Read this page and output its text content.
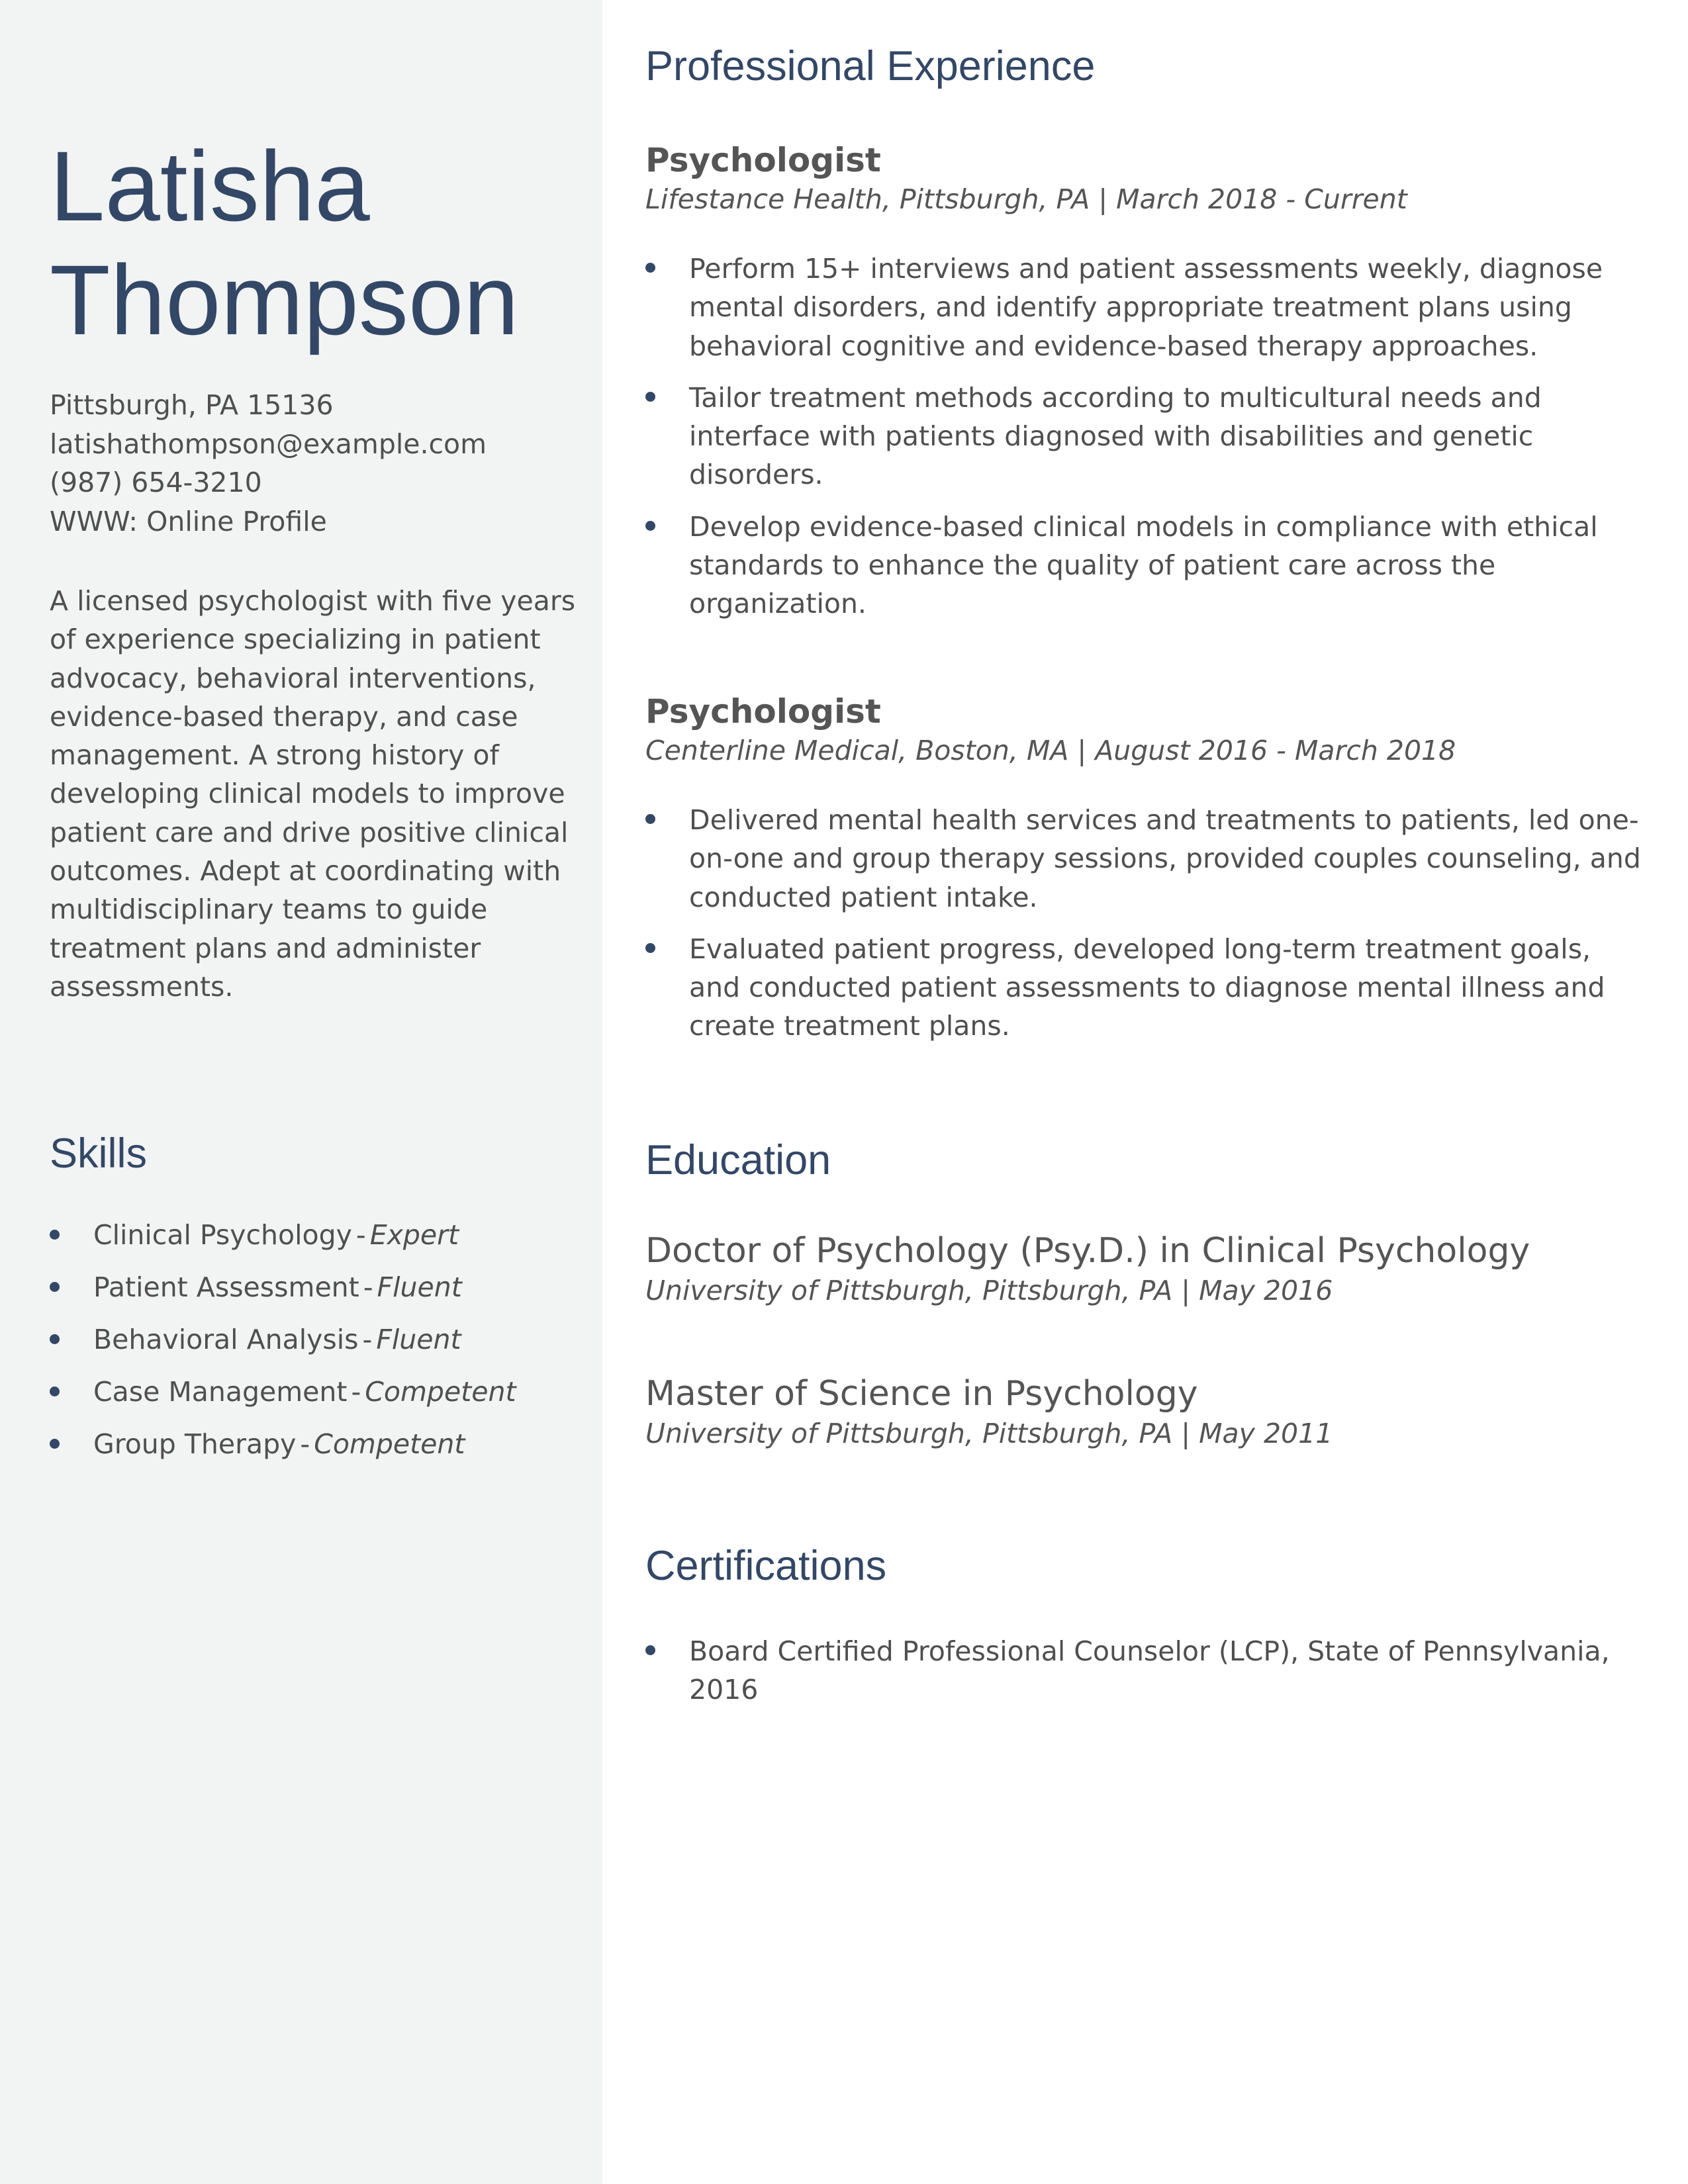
Latisha
Thompson
Pittsburgh, PA 15136
latishathompson@example.com
(987) 654-3210
WWW: Online Profile

A licensed psychologist with five years of experience specializing in patient advocacy, behavioral interventions, evidence-based therapy, and case management. A strong history of developing clinical models to improve patient care and drive positive clinical outcomes. Adept at coordinating with multidisciplinary teams to guide treatment plans and administer assessments.

Skills
Clinical Psychology - Expert
Patient Assessment - Fluent
Behavioral Analysis - Fluent
Case Management - Competent
Group Therapy - Competent
Professional Experience
Psychologist
Lifestance Health, Pittsburgh, PA | March 2018 - Current
Perform 15+ interviews and patient assessments weekly, diagnose mental disorders, and identify appropriate treatment plans using behavioral cognitive and evidence-based therapy approaches.
Tailor treatment methods according to multicultural needs and interface with patients diagnosed with disabilities and genetic disorders.
Develop evidence-based clinical models in compliance with ethical standards to enhance the quality of patient care across the organization.
Psychologist
Centerline Medical, Boston, MA | August 2016 - March 2018
Delivered mental health services and treatments to patients, led one-on-one and group therapy sessions, provided couples counseling, and conducted patient intake.
Evaluated patient progress, developed long-term treatment goals, and conducted patient assessments to diagnose mental illness and create treatment plans.
Education
Doctor of Psychology (Psy.D.) in Clinical Psychology
University of Pittsburgh, Pittsburgh, PA | May 2016
Master of Science in Psychology
University of Pittsburgh, Pittsburgh, PA | May 2011
Certifications
Board Certified Professional Counselor (LCP), State of Pennsylvania, 2016
